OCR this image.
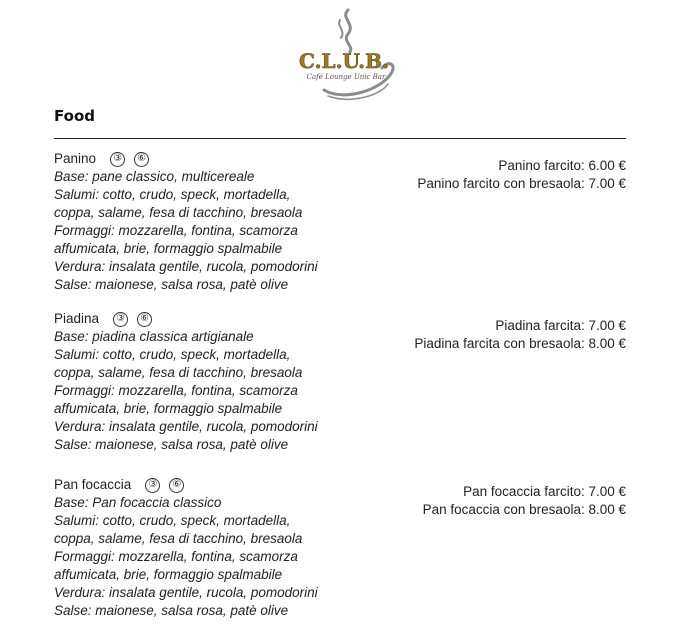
C.L.U.B.
Café Lounge Unic Bar
Food
Panino	③	⑥
Base: pane classico, multicereale
Salumi: cotto, crudo, speck, mortadella,
coppa, salame, fesa di tacchino, bresaola
Formaggi: mozzarella, fontina, scamorza
affumicata, brie, formaggio spalmabile
Verdura: insalata gentile, rucola, pomodorini
Salse: maionese, salsa rosa, patè olive
Panino farcito: 6.00 €
Panino farcito con bresaola: 7.00 €
Piadina	③	⑥
Base: piadina classica artigianale
Salumi: cotto, crudo, speck, mortadella,
coppa, salame, fesa di tacchino, bresaola
Formaggi: mozzarella, fontina, scamorza
affumicata, brie, formaggio spalmabile
Verdura: insalata gentile, rucola, pomodorini
Salse: maionese, salsa rosa, patè olive
Piadina farcita: 7.00 €
Piadina farcita con bresaola: 8.00 €
Pan focaccia	③	⑥
Base: Pan focaccia classico
Salumi: cotto, crudo, speck, mortadella,
coppa, salame, fesa di tacchino, bresaola
Formaggi: mozzarella, fontina, scamorza
affumicata, brie, formaggio spalmabile
Verdura: insalata gentile, rucola, pomodorini
Salse: maionese, salsa rosa, patè olive
Pan focaccia farcito: 7.00 €
Pan focaccia con bresaola: 8.00 €
